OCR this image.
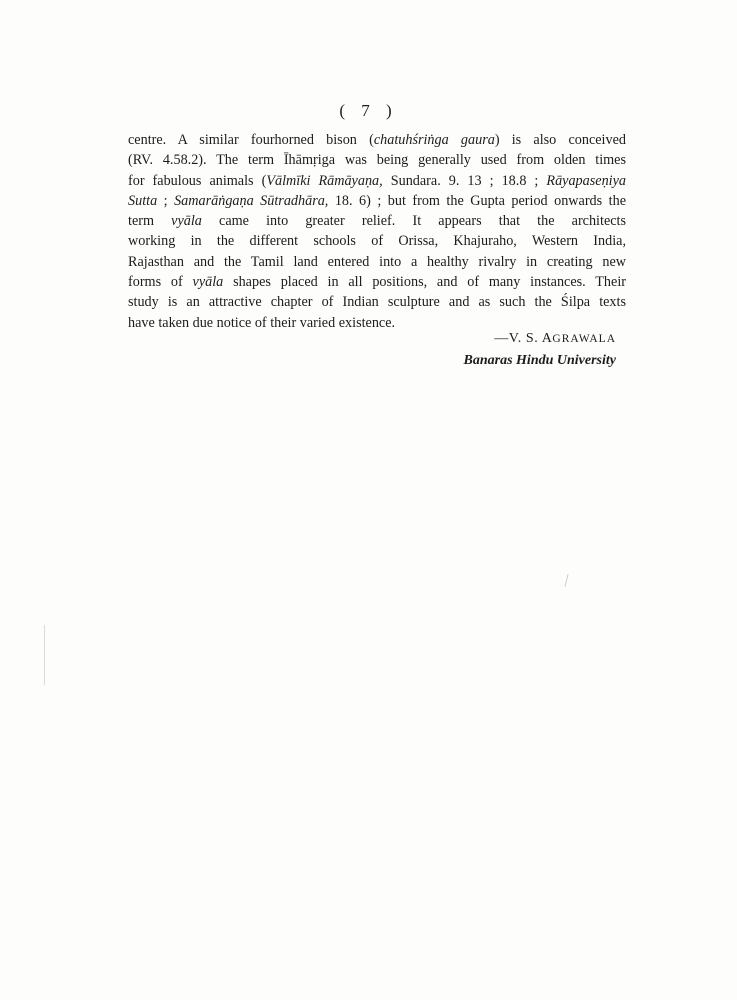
( 7 )
centre. A similar fourhorned bison (chatuhśriṅga gaura) is also conceived
(RV. 4.58.2). The term Īhāmṛiga was being generally used from olden times
for fabulous animals (Vālmīki Rāmāyaṇa, Sundara. 9. 13 ; 18.8 ; Rāyapaseṇiya
Sutta ; Samarāṅgaṇa Sūtradhāra, 18. 6) ; but from the Gupta period onwards the
term vyāla came into greater relief. It appears that the architects
working in the different schools of Orissa, Khajuraho, Western India,
Rajasthan and the Tamil land entered into a healthy rivalry in creating new
forms of vyāla shapes placed in all positions, and of many instances. Their
study is an attractive chapter of Indian sculpture and as such the Śilpa texts
have taken due notice of their varied existence.
—V. S. AGRAWALA
Banaras Hindu University
